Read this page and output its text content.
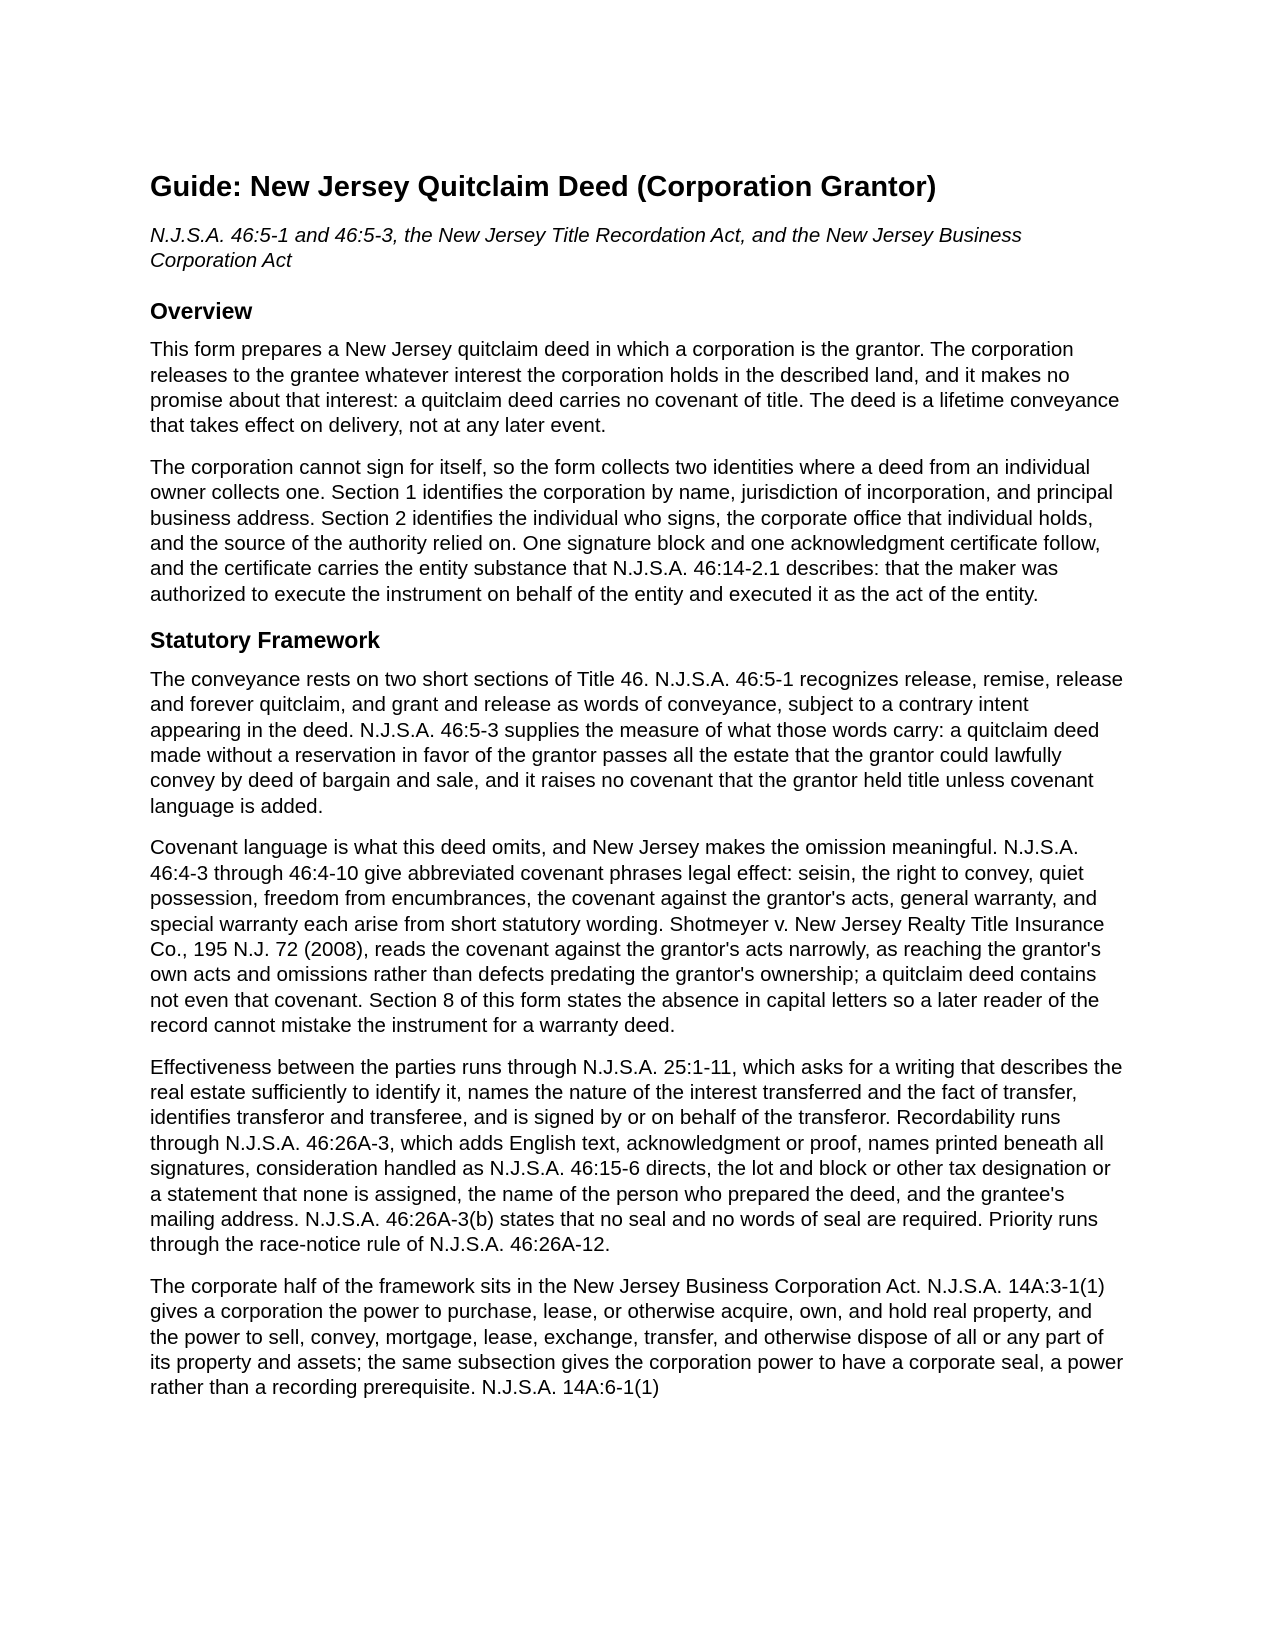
Guide: New Jersey Quitclaim Deed (Corporation Grantor)
N.J.S.A. 46:5-1 and 46:5-3, the New Jersey Title Recordation Act, and the New Jersey Business Corporation Act
Overview

This form prepares a New Jersey quitclaim deed in which a corporation is the grantor. The corporation releases to the grantee whatever interest the corporation holds in the described land, and it makes no promise about that interest: a quitclaim deed carries no covenant of title. The deed is a lifetime conveyance that takes effect on delivery, not at any later event.

The corporation cannot sign for itself, so the form collects two identities where a deed from an individual owner collects one. Section 1 identifies the corporation by name, jurisdiction of incorporation, and principal business address. Section 2 identifies the individual who signs, the corporate office that individual holds, and the source of the authority relied on. One signature block and one acknowledgment certificate follow, and the certificate carries the entity substance that N.J.S.A. 46:14-2.1 describes: that the maker was authorized to execute the instrument on behalf of the entity and executed it as the act of the entity.

Statutory Framework

The conveyance rests on two short sections of Title 46. N.J.S.A. 46:5-1 recognizes release, remise, release and forever quitclaim, and grant and release as words of conveyance, subject to a contrary intent appearing in the deed. N.J.S.A. 46:5-3 supplies the measure of what those words carry: a quitclaim deed made without a reservation in favor of the grantor passes all the estate that the grantor could lawfully convey by deed of bargain and sale, and it raises no covenant that the grantor held title unless covenant language is added.

Covenant language is what this deed omits, and New Jersey makes the omission meaningful. N.J.S.A. 46:4-3 through 46:4-10 give abbreviated covenant phrases legal effect: seisin, the right to convey, quiet possession, freedom from encumbrances, the covenant against the grantor's acts, general warranty, and special warranty each arise from short statutory wording. Shotmeyer v. New Jersey Realty Title Insurance Co., 195 N.J. 72 (2008), reads the covenant against the grantor's acts narrowly, as reaching the grantor's own acts and omissions rather than defects predating the grantor's ownership; a quitclaim deed contains not even that covenant. Section 8 of this form states the absence in capital letters so a later reader of the record cannot mistake the instrument for a warranty deed.

Effectiveness between the parties runs through N.J.S.A. 25:1-11, which asks for a writing that describes the real estate sufficiently to identify it, names the nature of the interest transferred and the fact of transfer, identifies transferor and transferee, and is signed by or on behalf of the transferor. Recordability runs through N.J.S.A. 46:26A-3, which adds English text, acknowledgment or proof, names printed beneath all signatures, consideration handled as N.J.S.A. 46:15-6 directs, the lot and block or other tax designation or a statement that none is assigned, the name of the person who prepared the deed, and the grantee's mailing address. N.J.S.A. 46:26A-3(b) states that no seal and no words of seal are required. Priority runs through the race-notice rule of N.J.S.A. 46:26A-12.

The corporate half of the framework sits in the New Jersey Business Corporation Act. N.J.S.A. 14A:3-1(1) gives a corporation the power to purchase, lease, or otherwise acquire, own, and hold real property, and the power to sell, convey, mortgage, lease, exchange, transfer, and otherwise dispose of all or any part of its property and assets; the same subsection gives the corporation power to have a corporate seal, a power rather than a recording prerequisite. N.J.S.A. 14A:6-1(1)
